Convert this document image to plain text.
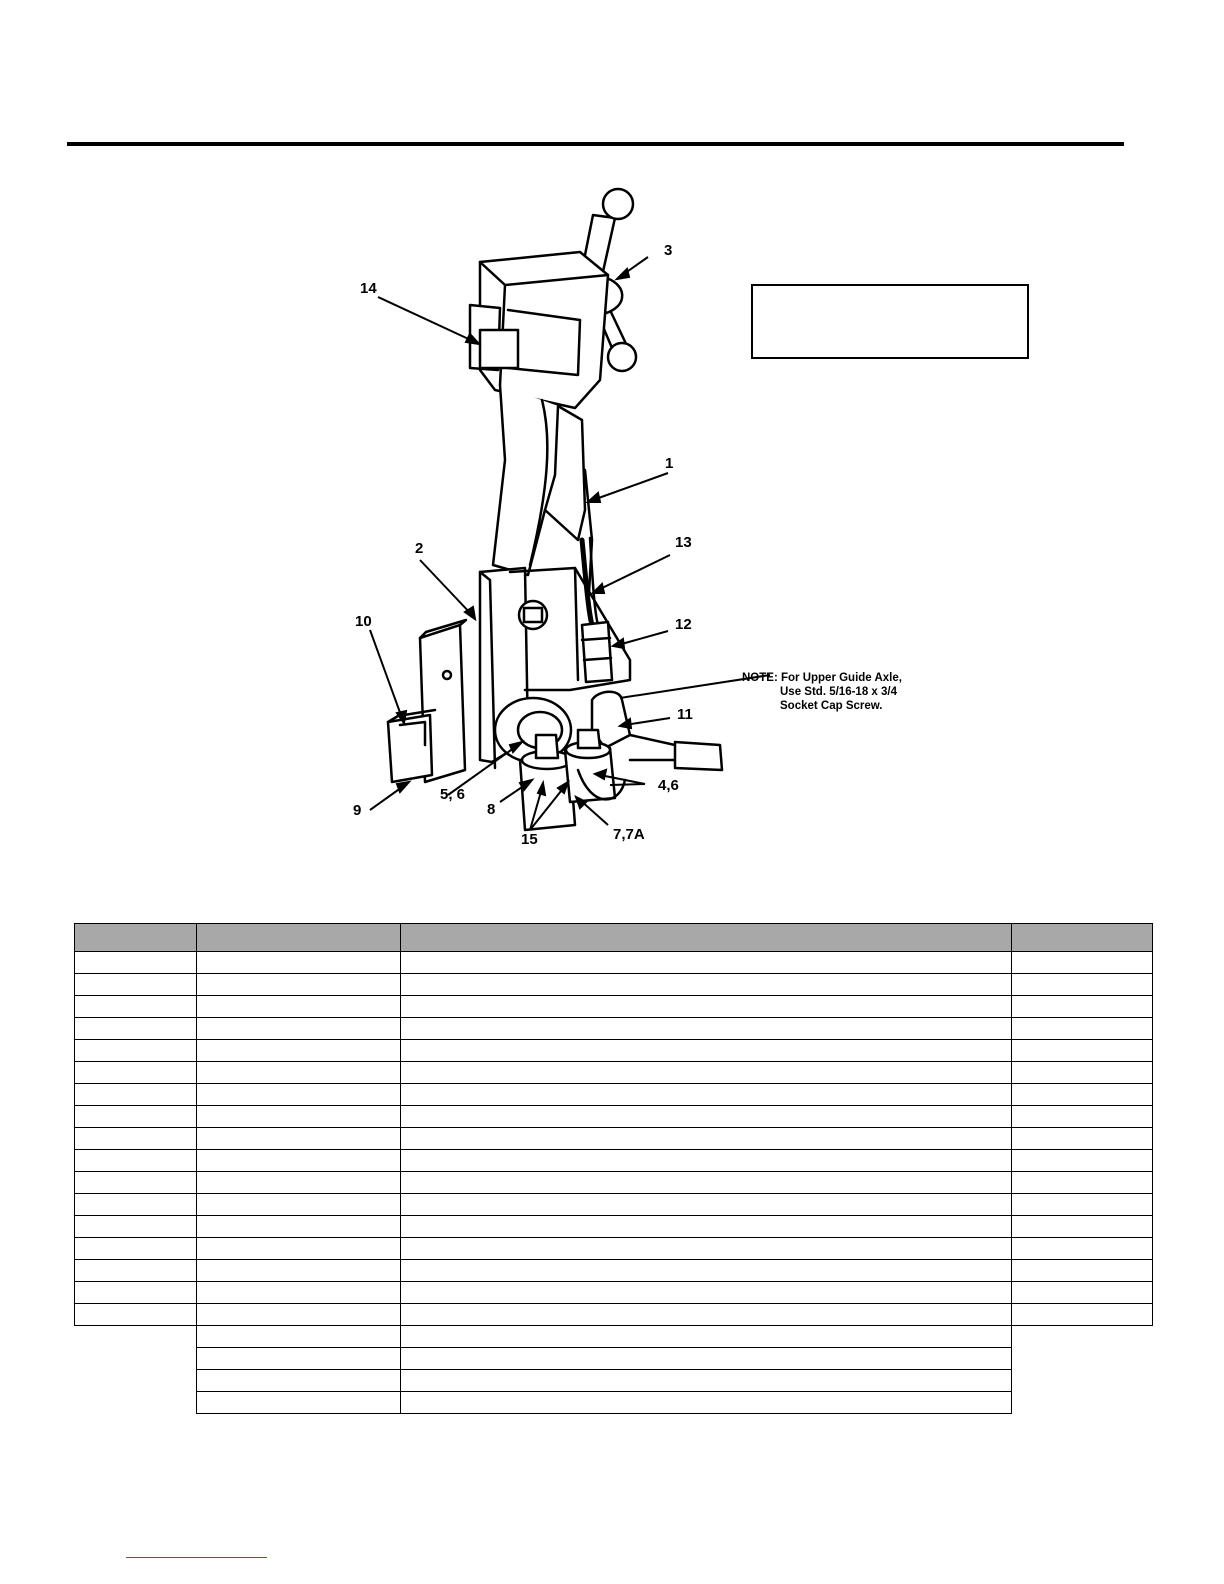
3
14
1
13
2
10	12
11
5, 6
4,6
9	8
7,7A
15
NOTE: For Upper Guide Axle,
Use Std. 5/16-18 x 3/4
Socket Cap Screw.
